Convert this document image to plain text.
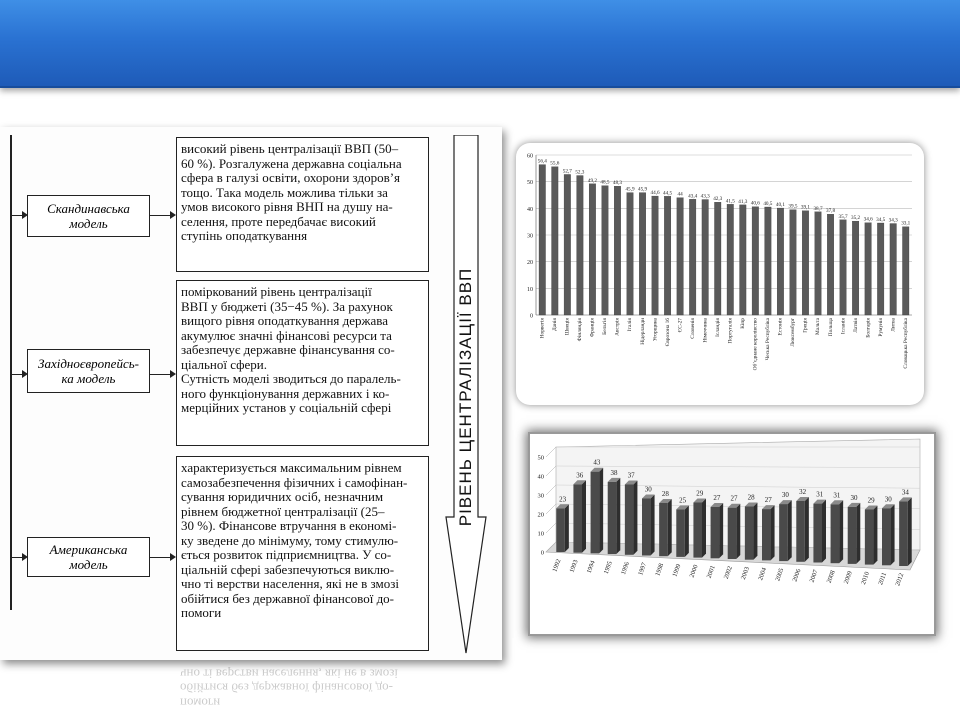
Скандинавська
модель
високий рівень централізації ВВП (50–
60 %). Розгалужена державна соціальна
сфера в галузі освіти, охорони здоров’я
тощо. Така модель можлива тільки за
умов високого рівня ВНП на душу на-
селення, проте передбачає високий
ступінь оподаткування
Західноєвропейсь-
ка модель
поміркований рівень централізації
ВВП у бюджеті (35−45 %). За рахунок
вищого рівня оподаткування держава
акумулює значні фінансові ресурси та
забезпечує державне фінансування со-
ціальної сфери.
Сутність моделі зводиться до паралель-
ного функціонування державних і ко-
мерційних установ у соціальній сфері
Американська
модель
характеризується максимальним рівнем
самозабезпечення фізичних і самофінан-
сування юридичних осіб, незначним
рівнем бюджетної централізації (25–
30 %). Фінансове втручання в економі-
ку зведене до мінімуму, тому стимулю-
ється розвиток підприємництва. У со-
ціальній сфері забезпечуються виклю-
чно ті верстви населення, які не в змозі
обійтися без державної фінансової до-
помоги
РІВЕНЬ ЦЕНТРАЛІЗАЦІЇ ВВП
помоги
обійтися без державної фінансової до-
чно ті верстви населення, які не в змозі
0
10
20
30
40
50
60
56,4
Норвегія
55,6
Данія
52,7
Швеція
52,3
Фінляндія
49,2
Франція
48,5
Бельгія
48,3
Австрія
45,9
Італія
45,9
Нідерланди
44,6
Угорщина
44,5
Єврозона 16
44
ЄС-27
43,4
Словенія
43,3
Німеччина
42,3
Ісландія
41,5
Португалія
41,3
Кіпр
40,6
Об’єднане королівство
40,5
Чеська Республіка
40,1
Естонія
39,5
Люксембург
39,1
Греція
38,7
Мальта
37,8
Польща
35,7
Ісланія
35,2
Латвія
34,6
Болгарія
34,5
Румунія
34,3
Литва
33,1
Словацька Республіка
0
10
20
30
40
50
23
1992
36
1993
43
1994
38
1995
37
1996
30
1997
28
1998
25
1999
29
2000
27
2001
27
2002
28
2003
27
2004
30
2005
32
2006
31
2007
31
2008
30
2009
29
2010
30
2011
34
2012
